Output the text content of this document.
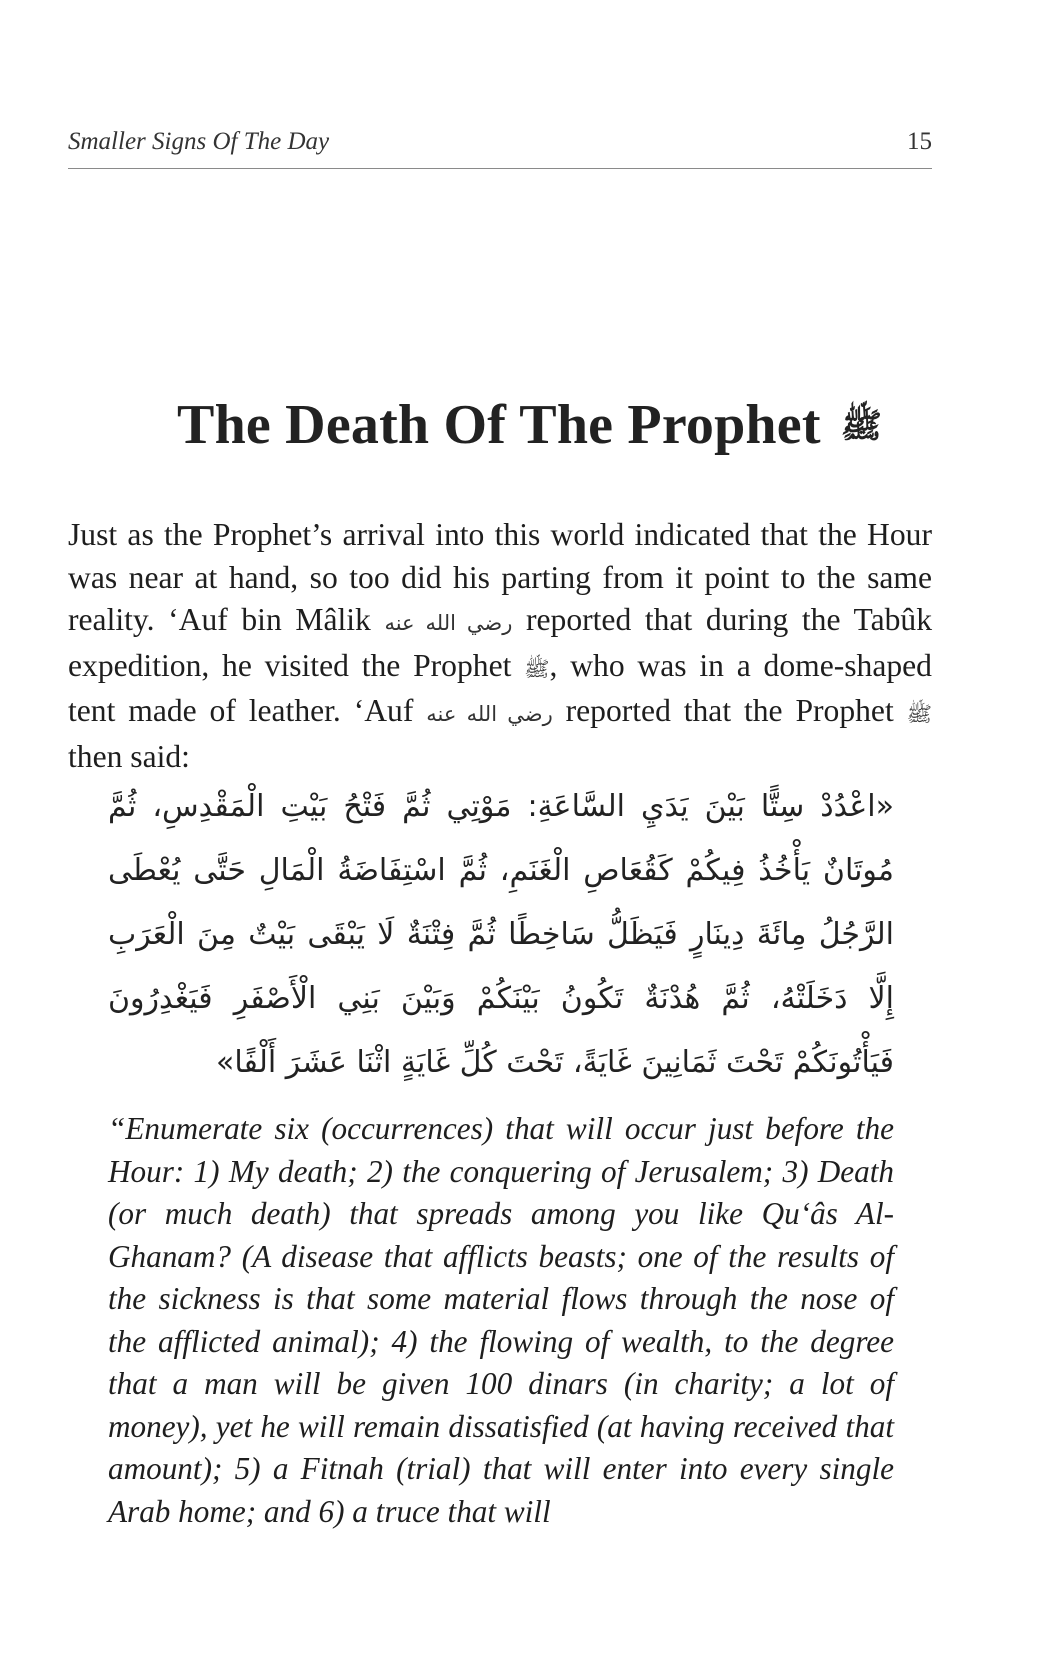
Smaller Signs Of The Day	15
The Death Of The Prophet ﷺ

Just as the Prophet’s arrival into this world indicated that the Hour was near at hand, so too did his parting from it point to the same reality. ‘Auf bin Mâlik رضي الله عنه reported that during the Tabûk expedition, he visited the Prophet ﷺ, who was in a dome-shaped tent made of leather. ‘Auf رضي الله عنه reported that the Prophet ﷺ then said:

«اعْدُدْ سِتًّا بَيْنَ يَدَيِ السَّاعَةِ: مَوْتِي ثُمَّ فَتْحُ بَيْتِ الْمَقْدِسِ، ثُمَّ مُوتَانٌ يَأْخُذُ فِيكُمْ كَقُعَاصِ الْغَنَمِ، ثُمَّ اسْتِفَاضَةُ الْمَالِ حَتَّى يُعْطَى الرَّجُلُ مِائَةَ دِينَارٍ فَيَظَلُّ سَاخِطًا ثُمَّ فِتْنَةٌ لَا يَبْقَى بَيْتٌ مِنَ الْعَرَبِ إِلَّا دَخَلَتْهُ، ثُمَّ هُدْنَةٌ تَكُونُ بَيْنَكُمْ وَبَيْنَ بَنِي الْأَصْفَرِ فَيَغْدِرُونَ فَيَأْتُونَكُمْ تَحْتَ ثَمَانِينَ غَايَةً، تَحْتَ كُلِّ غَايَةٍ اثْنَا عَشَرَ أَلْفًا»

“Enumerate six (occurrences) that will occur just before the Hour: 1) My death; 2) the conquering of Jerusalem; 3) Death (or much death) that spreads among you like Qu‘âs Al-Ghanam? (A disease that afflicts beasts; one of the results of the sickness is that some material flows through the nose of the afflicted animal); 4) the flowing of wealth, to the degree that a man will be given 100 dinars (in charity; a lot of money), yet he will remain dissatisfied (at having received that amount); 5) a Fitnah (trial) that will enter into every single Arab home; and 6) a truce that will
